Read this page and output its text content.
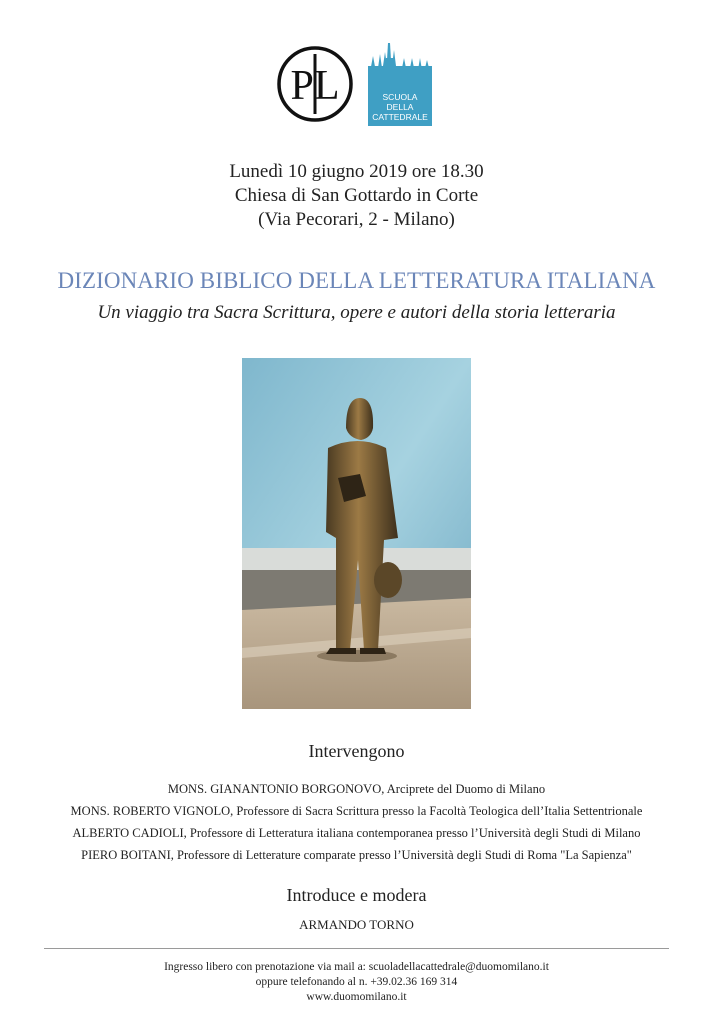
PL	SCUOLA
DELLA
CATTEDRALE
Lunedì 10 giugno 2019 ore 18.30
Chiesa di San Gottardo in Corte
(Via Pecorari, 2 - Milano)
DIZIONARIO BIBLICO DELLA LETTERATURA ITALIANA
Un viaggio tra Sacra Scrittura, opere e autori della storia letteraria
Intervengono
MONS. GIANANTONIO BORGONOVO, Arciprete del Duomo di Milano
MONS. ROBERTO VIGNOLO, Professore di Sacra Scrittura presso la Facoltà Teologica dell’Italia Settentrionale
ALBERTO CADIOLI, Professore di Letteratura italiana contemporanea presso l’Università degli Studi di Milano
PIERO BOITANI, Professore di Letterature comparate presso l’Università degli Studi di Roma "La Sapienza"
Introduce e modera
ARMANDO TORNO
Ingresso libero con prenotazione via mail a: scuoladellacattedrale@duomomilano.it
oppure telefonando al n. +39.02.36 169 314
www.duomomilano.it
